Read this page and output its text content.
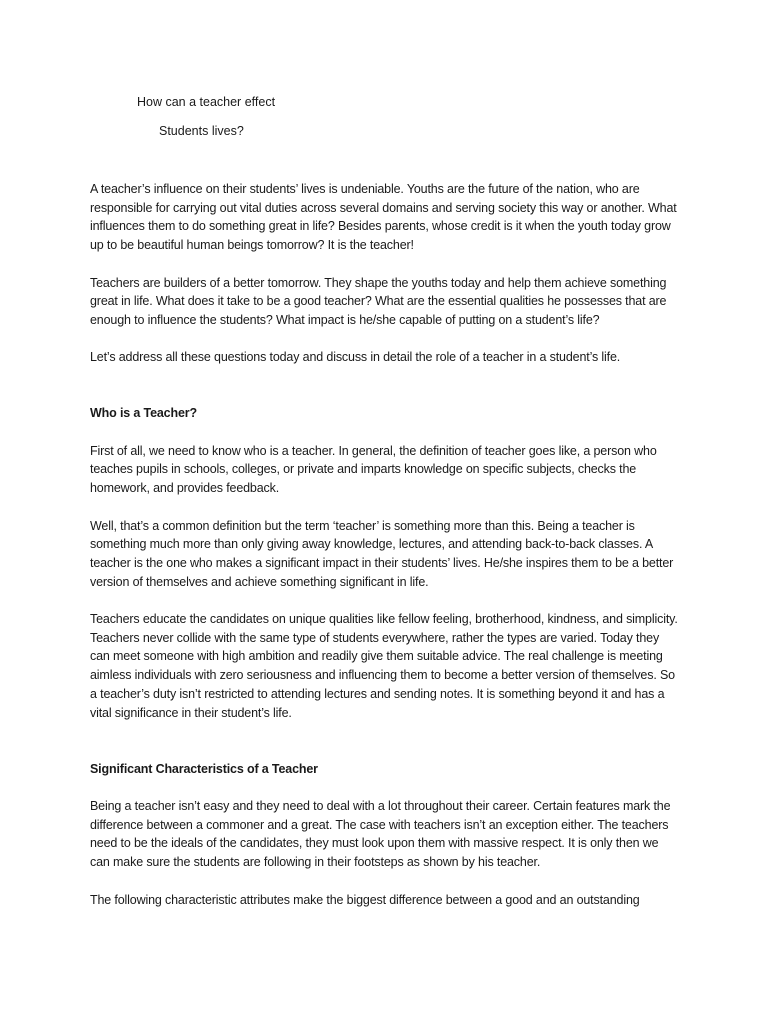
How can a teacher effect
Students lives?

A teacher’s influence on their students’ lives is undeniable. Youths are the future of the nation, who are responsible for carrying out vital duties across several domains and serving society this way or another. What influences them to do something great in life? Besides parents, whose credit is it when the youth today grow up to be beautiful human beings tomorrow? It is the teacher!

Teachers are builders of a better tomorrow. They shape the youths today and help them achieve something great in life. What does it take to be a good teacher? What are the essential qualities he possesses that are enough to influence the students? What impact is he/she capable of putting on a student’s life?

Let’s address all these questions today and discuss in detail the role of a teacher in a student’s life.

Who is a Teacher?

First of all, we need to know who is a teacher. In general, the definition of teacher goes like, a person who teaches pupils in schools, colleges, or private and imparts knowledge on specific subjects, checks the homework, and provides feedback.

Well, that’s a common definition but the term ‘teacher’ is something more than this. Being a teacher is something much more than only giving away knowledge, lectures, and attending back-to-back classes. A teacher is the one who makes a significant impact in their students’ lives. He/she inspires them to be a better version of themselves and achieve something significant in life.

Teachers educate the candidates on unique qualities like fellow feeling, brotherhood, kindness, and simplicity. Teachers never collide with the same type of students everywhere, rather the types are varied. Today they can meet someone with high ambition and readily give them suitable advice. The real challenge is meeting aimless individuals with zero seriousness and influencing them to become a better version of themselves. So a teacher’s duty isn’t restricted to attending lectures and sending notes. It is something beyond it and has a vital significance in their student’s life.

Significant Characteristics of a Teacher

Being a teacher isn’t easy and they need to deal with a lot throughout their career. Certain features mark the difference between a commoner and a great. The case with teachers isn’t an exception either. The teachers need to be the ideals of the candidates, they must look upon them with massive respect. It is only then we can make sure the students are following in their footsteps as shown by his teacher.

The following characteristic attributes make the biggest difference between a good and an outstanding
